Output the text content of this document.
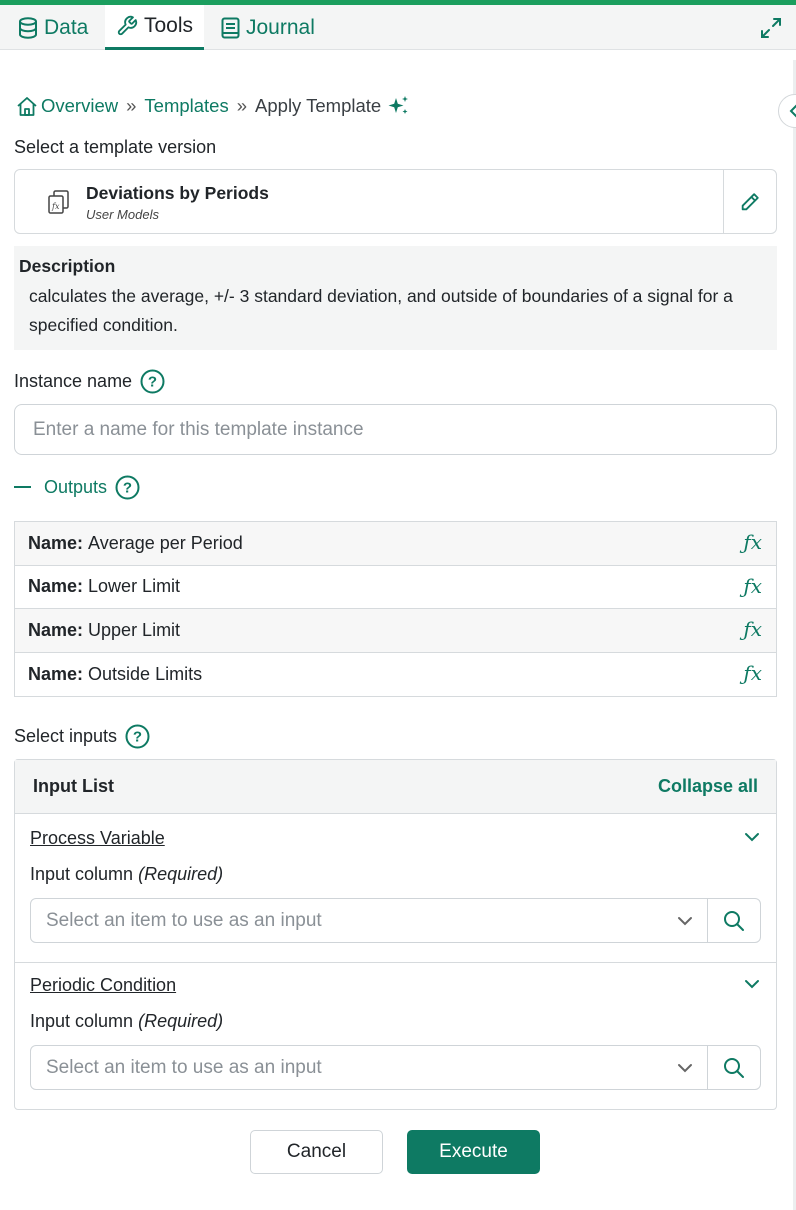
Data	Tools	Journal
Overview » Templates » Apply Template
Select a template version
fx
Deviations by Periods
User Models
Description
calculates the average, +/- 3 standard deviation, and outside of boundaries of a signal for a specified condition.
Instance name ?
Enter a name for this template instance
Outputs ?
Name: Average per Period	ƒx
Name: Lower Limit	ƒx
Name: Upper Limit	ƒx
Name: Outside Limits	ƒx
Select inputs ?
Input List	Collapse all
Process Variable
Input column (Required)
Select an item to use as an input
Periodic Condition
Input column (Required)
Select an item to use as an input
Cancel	Execute
